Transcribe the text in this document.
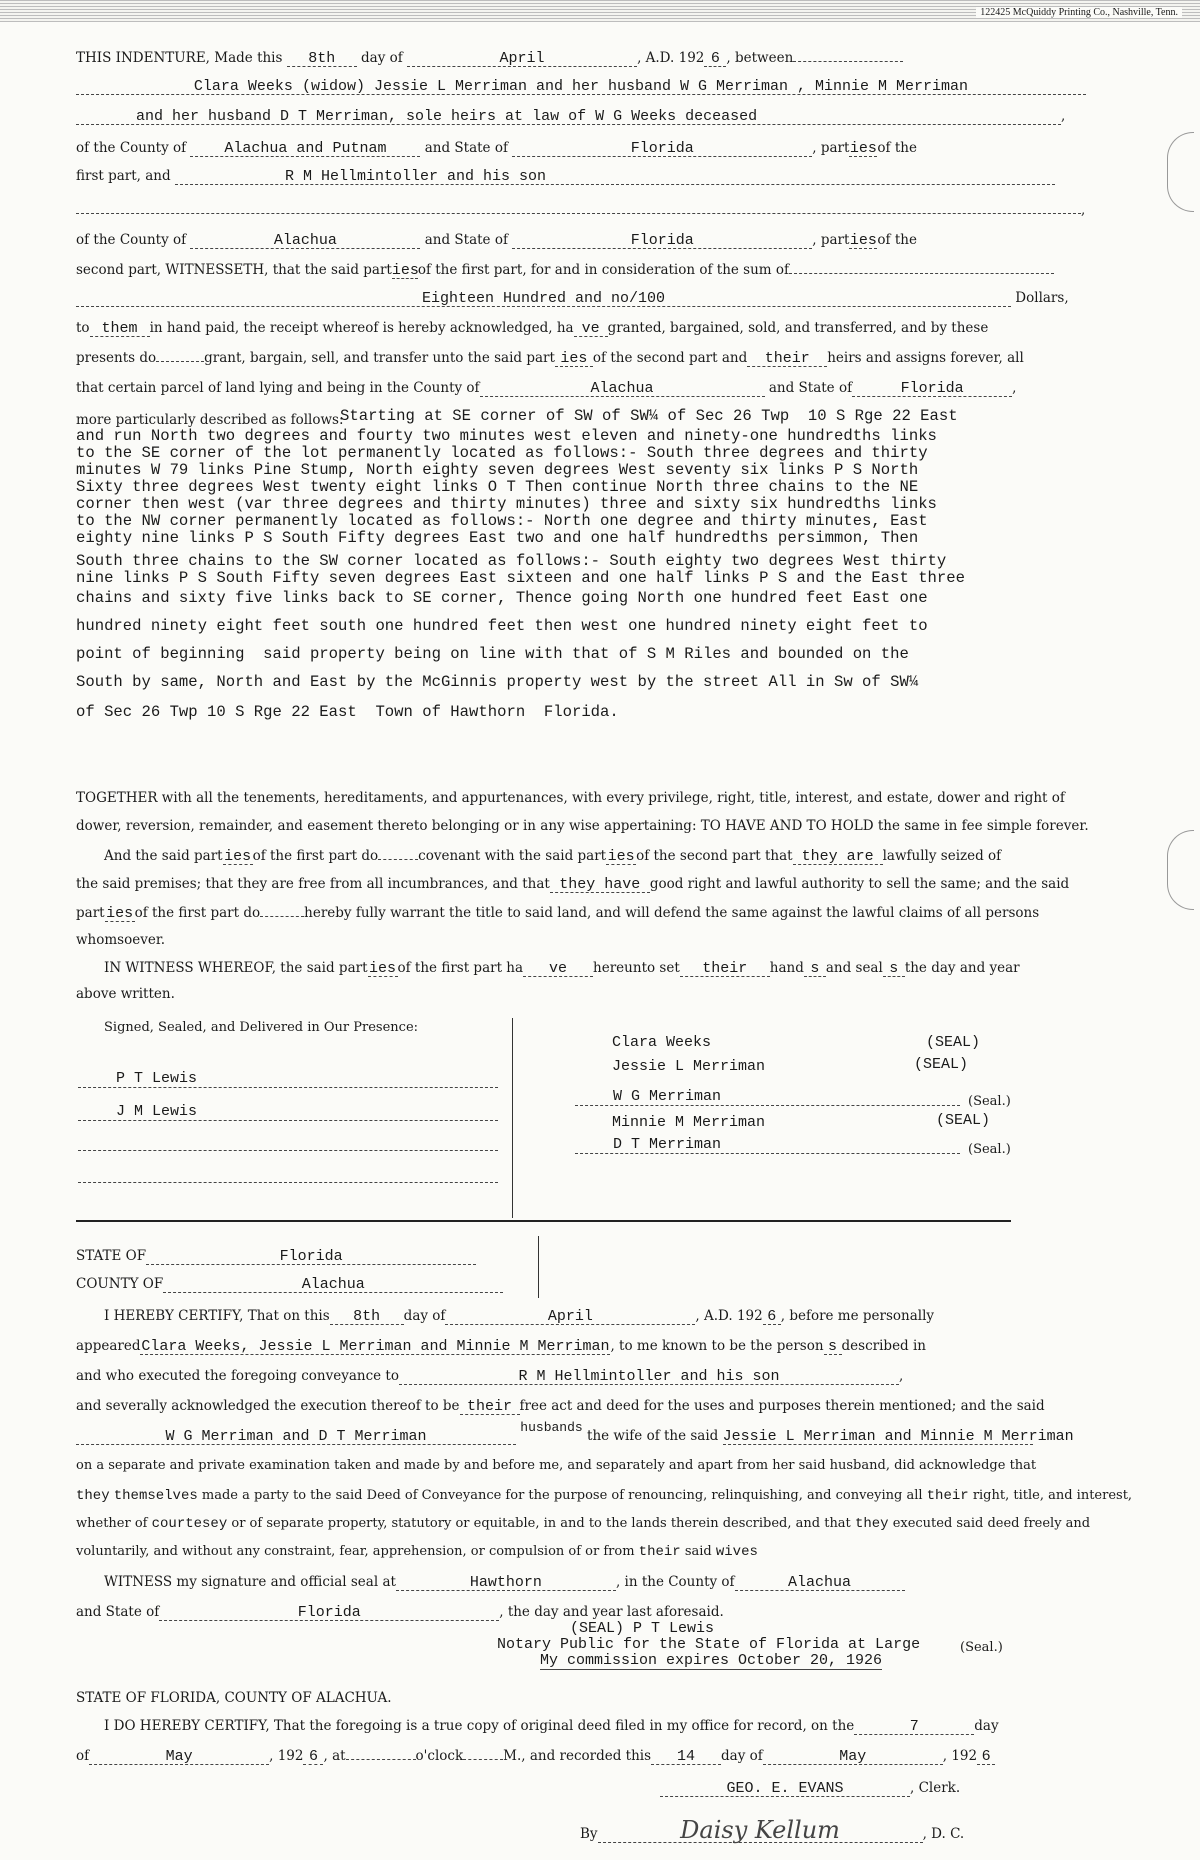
122425 McQuiddy Printing Co., Nashville, Tenn.
THIS INDENTURE, Made this 8th day of	April	, A.D. 192 6 , between
Clara Weeks (widow) Jessie L Merriman and her husband W G Merriman , Minnie M Merriman
and her husband D T Merriman, sole heirs at law of W G Weeks deceased	,
of the County of	Alachua and Putnam	and State of	Florida	, partiesof the
first part, and	R M Hellmintoller and his son
,
of the County of	Alachua	and State of	Florida	, partiesof the
second part, WITNESSETH, that the said partiesof the first part, for and in consideration of the sum of
Eighteen Hundred and no/100	Dollars,
to them in hand paid, the receipt whereof is hereby acknowledged, ha ve granted, bargained, sold, and transferred, and by these
presents do	grant, bargain, sell, and transfer unto the said part ies of the second part and their heirs and assigns forever, all
that certain parcel of land lying and being in the County of	Alachua	and State of	Florida	,
more particularly described as follows:
Starting at SE corner of SW of SW¼ of Sec 26 Twp  10 S Rge 22 East
and run North two degrees and fourty two minutes west eleven and ninety-one hundredths links
to the SE corner of the lot permanently located as follows:- South three degrees and thirty
minutes W 79 links Pine Stump, North eighty seven degrees West seventy six links P S North
Sixty three degrees West twenty eight links O T Then continue North three chains to the NE
corner then west (var three degrees and thirty minutes) three and sixty six hundredths links
to the NW corner permanently located as follows:- North one degree and thirty minutes, East
eighty nine links P S South Fifty degrees East two and one half hundredths persimmon, Then
South three chains to the SW corner located as follows:- South eighty two degrees West thirty
nine links P S South Fifty seven degrees East sixteen and one half links P S and the East three
chains and sixty five links back to SE corner, Thence going North one hundred feet East one
hundred ninety eight feet south one hundred feet then west one hundred ninety eight feet to
point of beginning  said property being on line with that of S M Riles and bounded on the
South by same, North and East by the McGinnis property west by the street All in Sw of SW¼
of Sec 26 Twp 10 S Rge 22 East  Town of Hawthorn  Florida.
TOGETHER with all the tenements, hereditaments, and appurtenances, with every privilege, right, title, interest, and estate, dower and right of
dower, reversion, remainder, and easement thereto belonging or in any wise appertaining: TO HAVE AND TO HOLD the same in fee simple forever.
And the said parties of the first part do	covenant with the said parties of the second part that they are lawfully seized of
the said premises; that they are free from all incumbrances, and that they have good right and lawful authority to sell the same; and the said
parties of the first part do	hereby fully warrant the title to said land, and will defend the same against the lawful claims of all persons
whomsoever.
IN WITNESS WHEREOF, the said parties of the first part ha ve hereunto set their hand s and seal s the day and year
above written.
Signed, Sealed, and Delivered in Our Presence:
P T Lewis
J M Lewis
Clara Weeks	(SEAL)
Jessie L Merriman	(SEAL)
W G Merriman	(Seal.)
Minnie M Merriman	(SEAL)
D T Merriman	(Seal.)
STATE OF	Florida
COUNTY OF	Alachua
I HEREBY CERTIFY, That on this 8th day of	April	, A.D. 192 6 , before me personally
appearedClara Weeks, Jessie L Merriman and Minnie M Merriman, to me known to be the person s described in
and who executed the foregoing conveyance to	R M Hellmintoller and his son	,
and severally acknowledged the execution thereof to be their free act and deed for the uses and purposes therein mentioned; and the said
W G Merriman and D T Merriman husbands the wife of the said Jessie L Merriman and Minnie M Merriman
on a separate and private examination taken and made by and before me, and separately and apart from her said husband, did acknowledge that
they themselves made a party to the said Deed of Conveyance for the purpose of renouncing, relinquishing, and conveying all their right, title, and interest,
whether of courtesey or of separate property, statutory or equitable, in and to the lands therein described, and that they executed said deed freely and
voluntarily, and without any constraint, fear, apprehension, or compulsion of or from their said wives
WITNESS my signature and official seal at	Hawthorn	, in the County of	Alachua
and State of	Florida	, the day and year last aforesaid.
(SEAL) P T Lewis
Notary Public for the State of Florida at Large	(Seal.)
My commission expires October 20, 1926
STATE OF FLORIDA, COUNTY OF ALACHUA.
I DO HEREBY CERTIFY, That the foregoing is a true copy of original deed filed in my office for record, on the	7	day
of	May	, 192 6 , at	o'clock	M., and recorded this 14 day of	May	, 192 6
GEO. E. EVANS	, Clerk.
By	Daisy Kellum	, D. C.
